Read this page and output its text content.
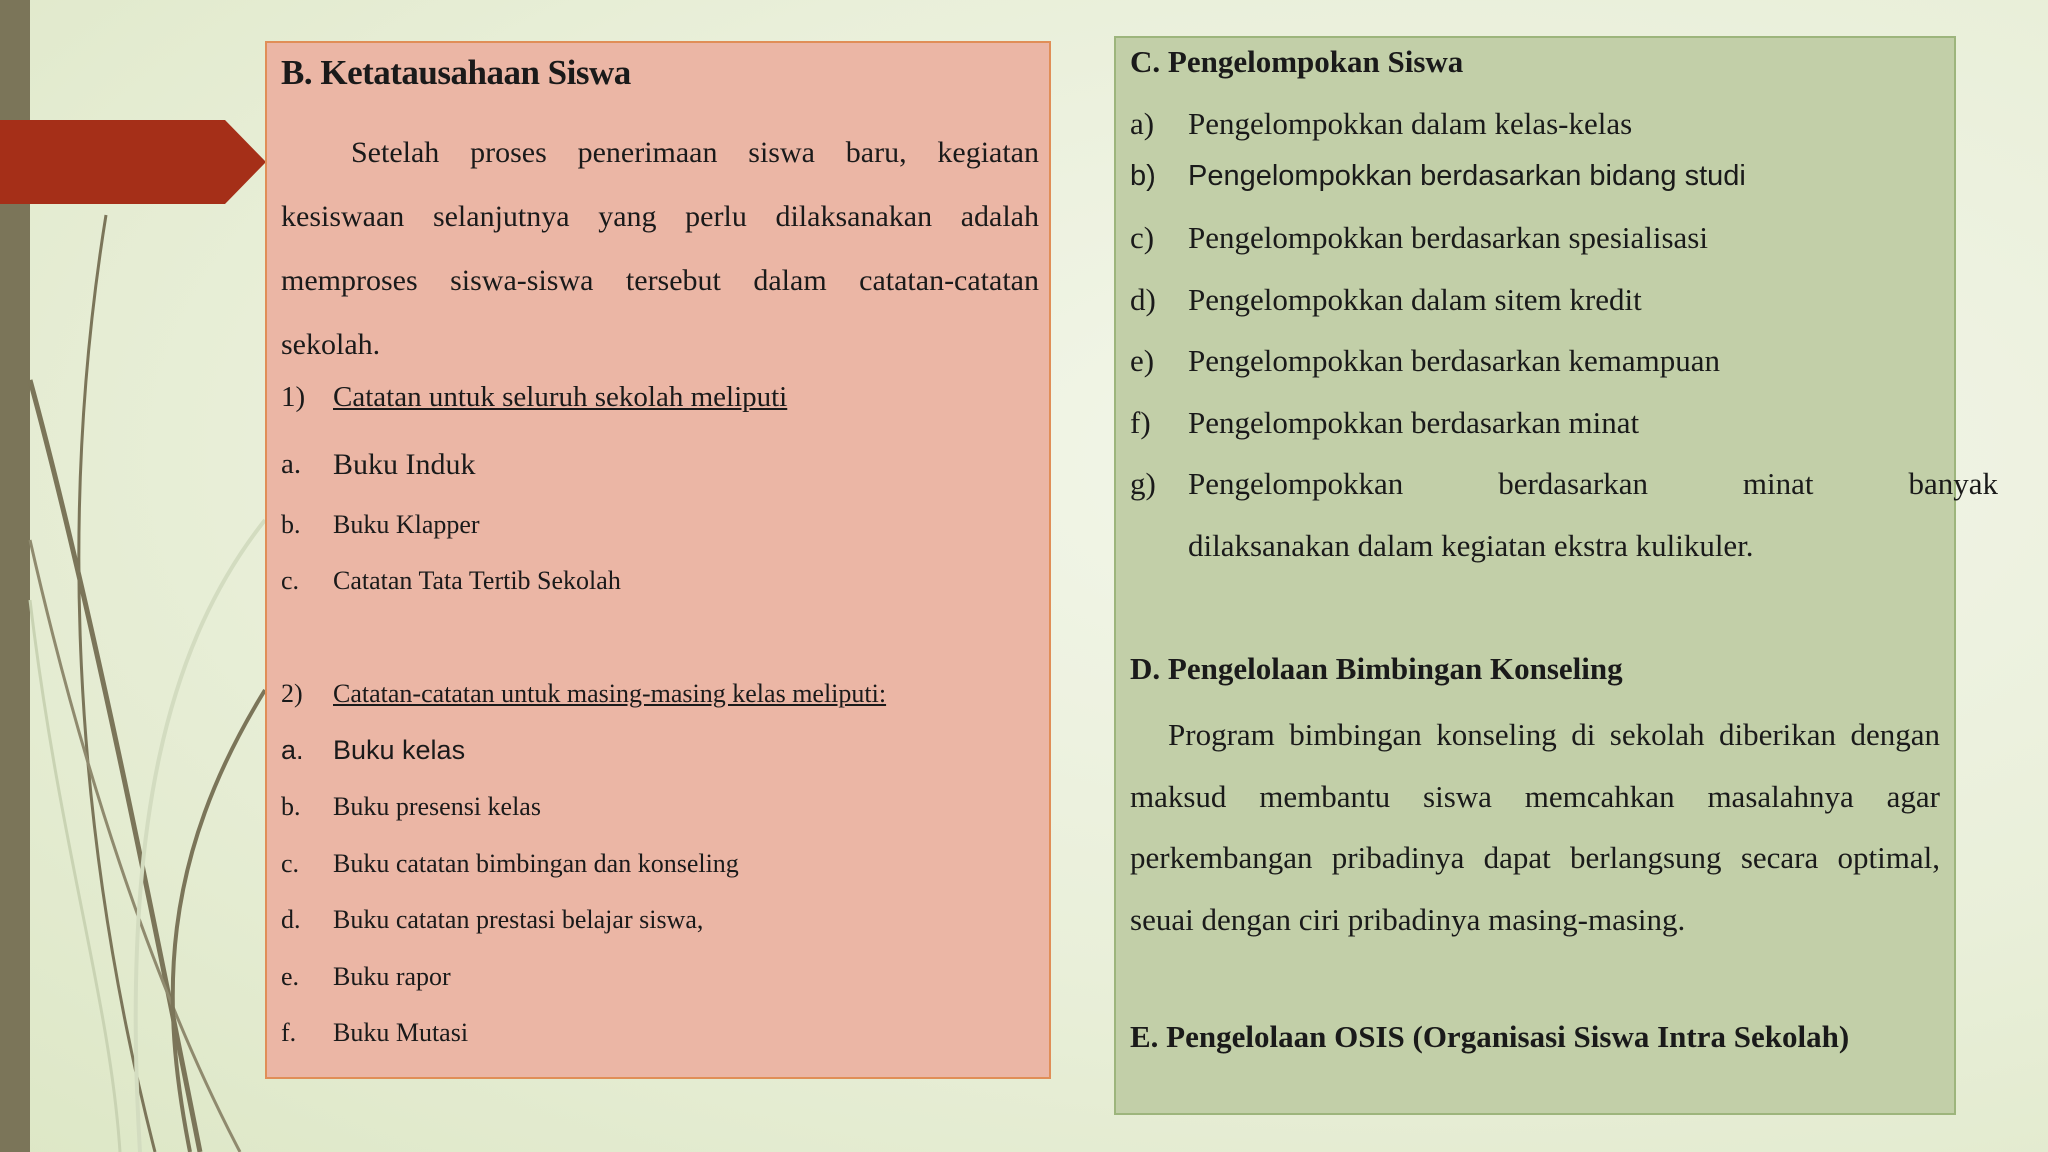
B. Ketatausahaan Siswa
Setelah proses penerimaan siswa baru, kegiatan kesiswaan selanjutnya yang perlu dilaksanakan adalah memproses siswa-siswa tersebut dalam catatan-catatan sekolah.
1) Catatan untuk seluruh sekolah meliputi
a. Buku Induk
b. Buku Klapper
c. Catatan Tata Tertib Sekolah
2) Catatan-catatan untuk masing-masing kelas meliputi:
a. Buku kelas
b. Buku presensi kelas
c. Buku catatan bimbingan dan konseling
d. Buku catatan prestasi belajar siswa,
e. Buku rapor
f. Buku Mutasi
C. Pengelompokan Siswa
a) Pengelompokkan dalam kelas-kelas
b) Pengelompokkan berdasarkan bidang studi
c) Pengelompokkan berdasarkan spesialisasi
d) Pengelompokkan dalam sitem kredit
e) Pengelompokkan berdasarkan kemampuan
f) Pengelompokkan berdasarkan minat
g) Pengelompokkan berdasarkan minat banyak
dilaksanakan dalam kegiatan ekstra kulikuler.
D. Pengelolaan Bimbingan Konseling
Program bimbingan konseling di sekolah diberikan dengan maksud membantu siswa memcahkan masalahnya agar perkembangan pribadinya dapat berlangsung secara optimal, seuai dengan ciri pribadinya masing-masing.
E. Pengelolaan OSIS (Organisasi Siswa Intra Sekolah)
